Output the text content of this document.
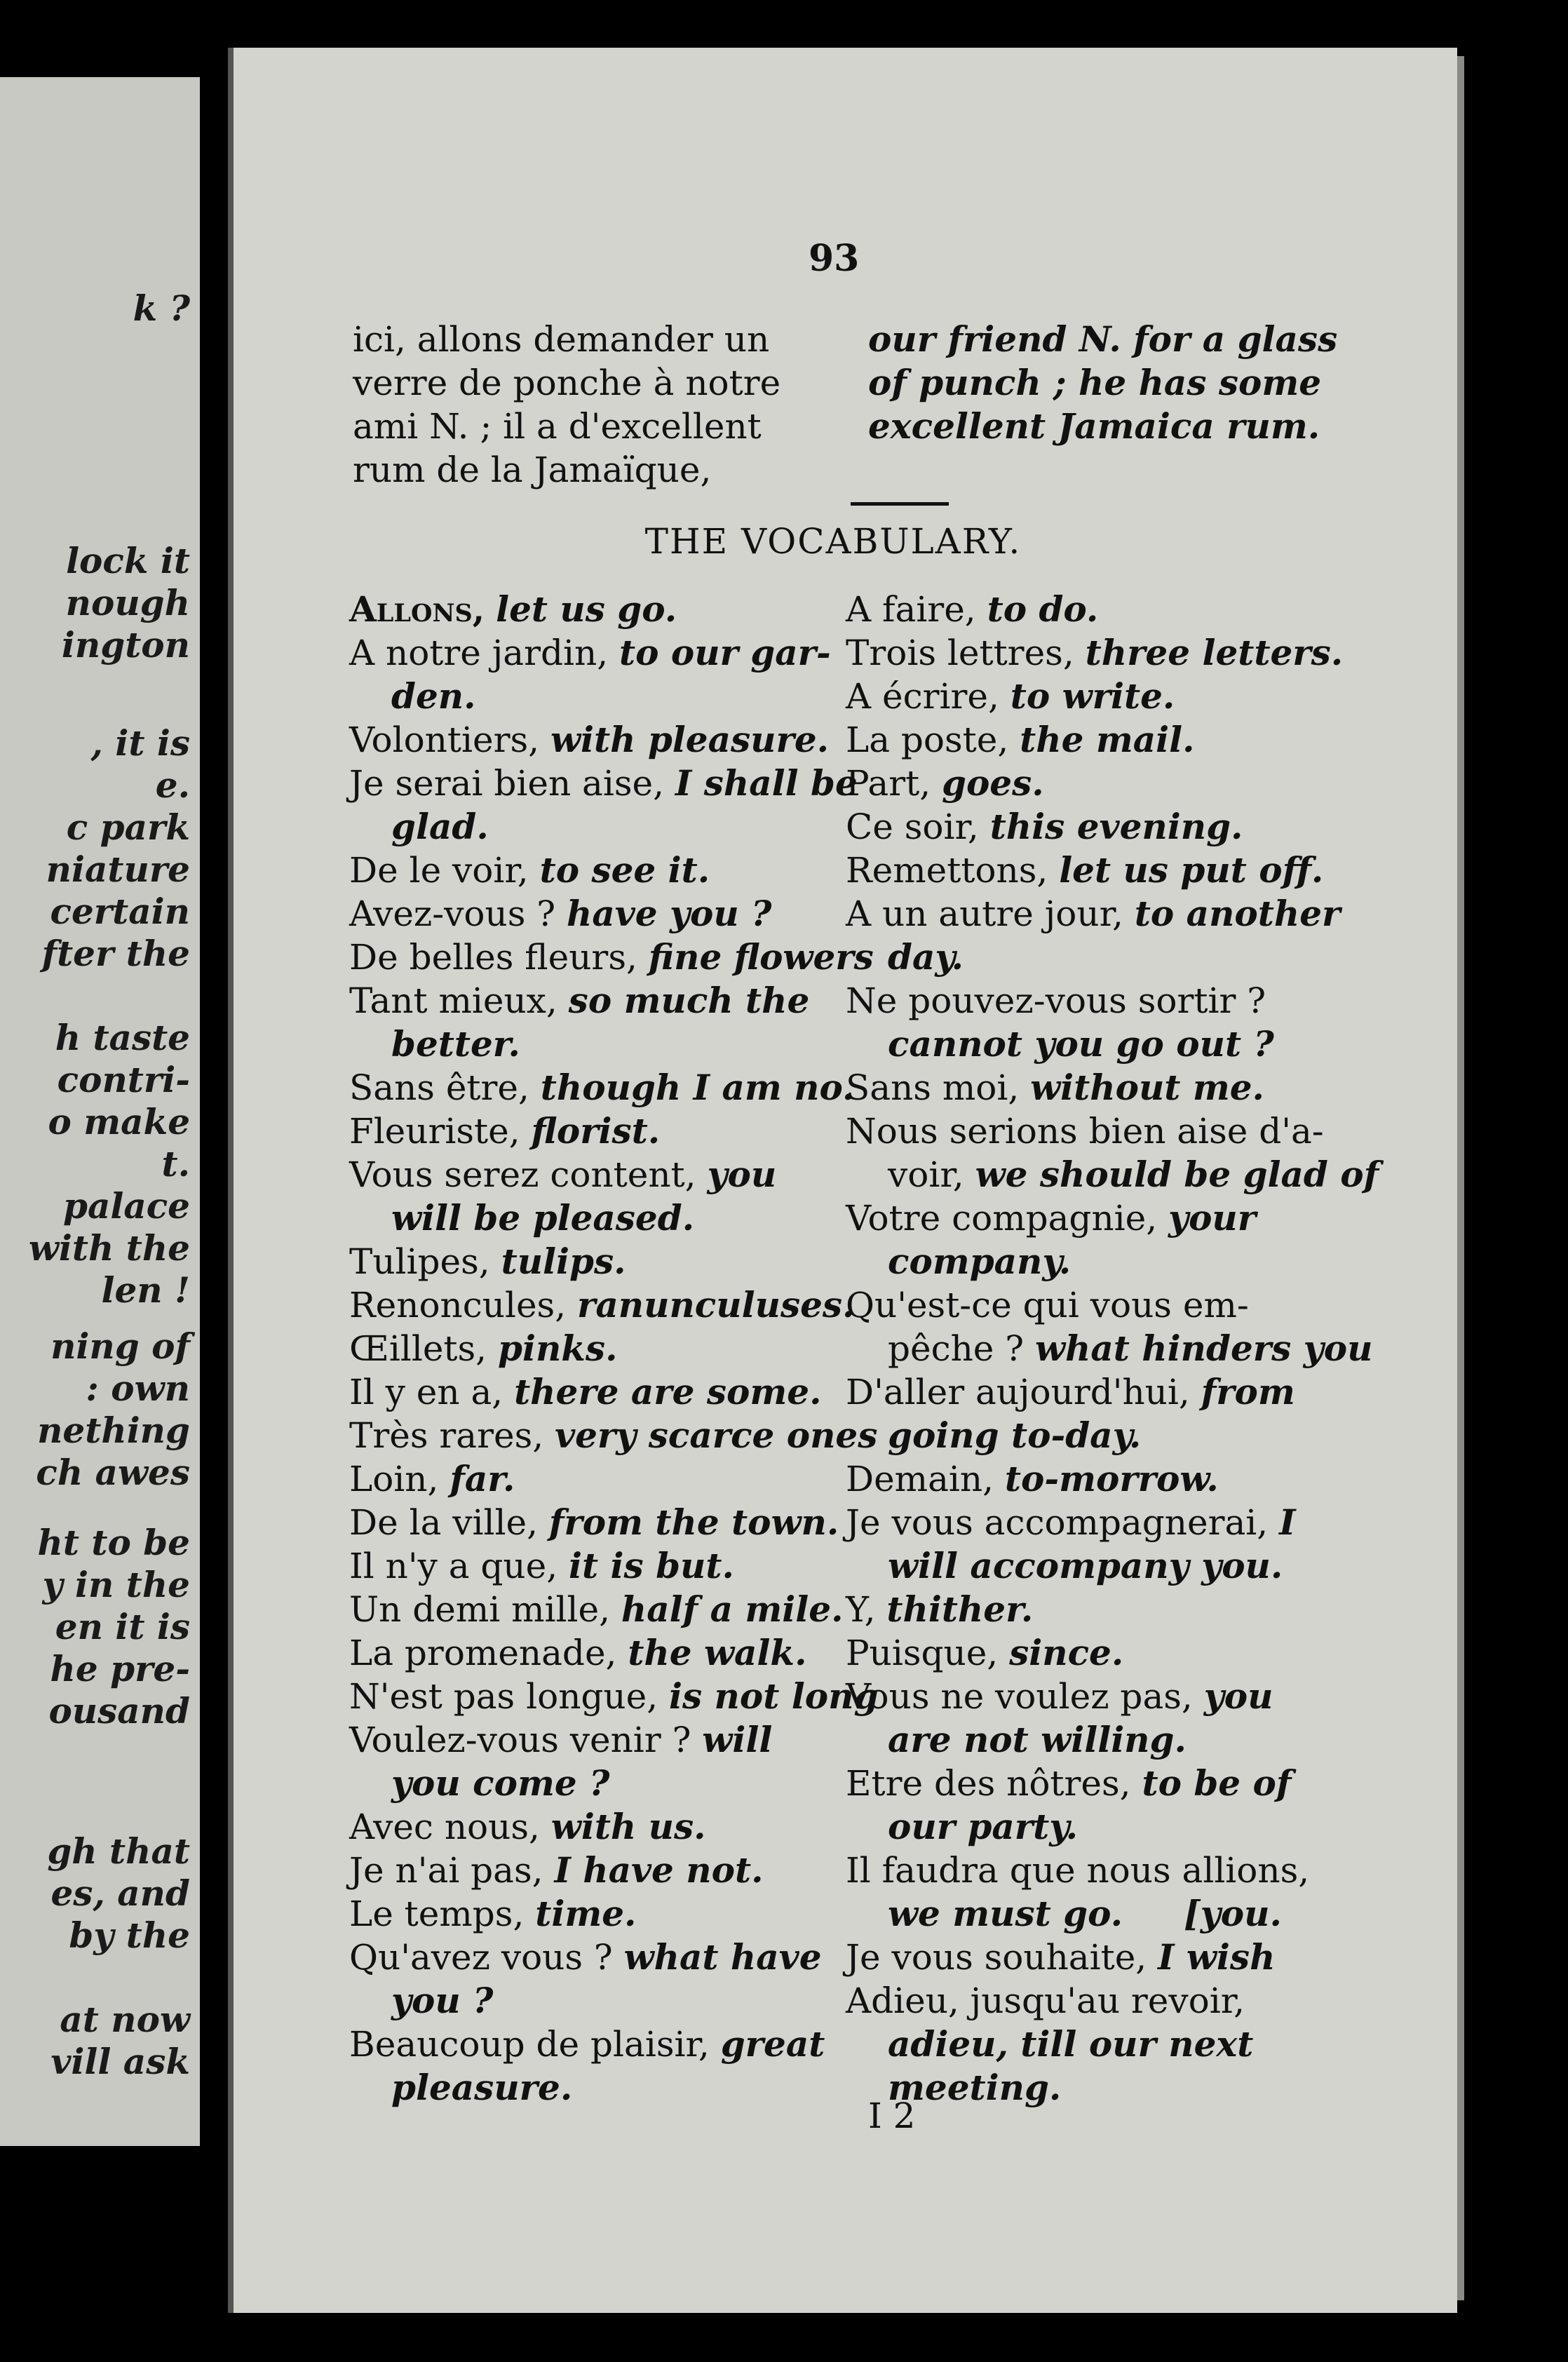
k ?
lock it
nough
ington
, it is
e.
c park
niature
certain
fter the
h taste
contri-
o make
t.
palace
with the
len !
ning of
: own
nething
ch awes
ht to be
y in the
en it is
he pre-
ousand
gh that
es, and
by the
at now
vill ask
93
ici, allons demander un
verre de ponche à notre
ami N. ; il a d'excellent
rum de la Jamaïque,
our friend N. for a glass
of punch ; he has some
excellent Jamaica rum.
THE VOCABULARY.
Allons, let us go.
A notre jardin, to our gar-
den.
Volontiers, with pleasure.
Je serai bien aise, I shall be
glad.
De le voir, to see it.
Avez-vous ? have you ?
De belles fleurs, fine flowers
Tant mieux, so much the
better.
Sans être, though I am no.
Fleuriste, florist.
Vous serez content, you
will be pleased.
Tulipes, tulips.
Renoncules, ranunculuses.
Œillets, pinks.
Il y en a, there are some.
Très rares, very scarce ones
Loin, far.
De la ville, from the town.
Il n'y a que, it is but.
Un demi mille, half a mile.
La promenade, the walk.
N'est pas longue, is not long
Voulez-vous venir ? will
you come ?
Avec nous, with us.
Je n'ai pas, I have not.
Le temps, time.
Qu'avez vous ? what have
you ?
Beaucoup de plaisir, great
pleasure.
A faire, to do.
Trois lettres, three letters.
A écrire, to write.
La poste, the mail.
Part, goes.
Ce soir, this evening.
Remettons, let us put off.
A un autre jour, to another
day.
Ne pouvez-vous sortir ?
cannot you go out ?
Sans moi, without me.
Nous serions bien aise d'a-
voir, we should be glad of
Votre compagnie, your
company.
Qu'est-ce qui vous em-
pêche ? what hinders you
D'aller aujourd'hui, from
going to-day.
Demain, to-morrow.
Je vous accompagnerai, I
will accompany you.
Y, thither.
Puisque, since.
Vous ne voulez pas, you
are not willing.
Etre des nôtres, to be of
our party.
Il faudra que nous allions,
we must go.     [you.
Je vous souhaite, I wish
Adieu, jusqu'au revoir,
adieu, till our next
meeting.
I 2
